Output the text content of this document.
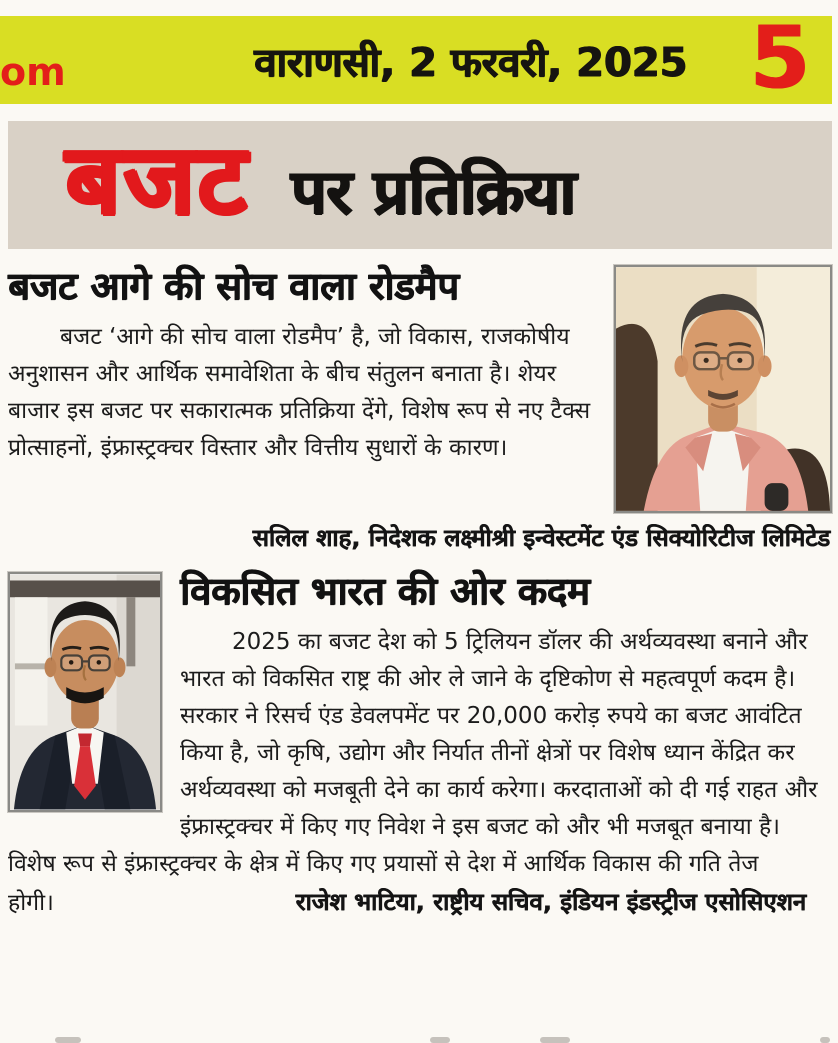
om	वाराणसी, 2 फरवरी, 2025 5
बजट पर प्रतिक्रिया
बजट आगे की सोच वाला रोडमैप

बजट ‘आगे की सोच वाला रोडमैप’ है, जो विकास, राजकोषीय अनुशासन और आर्थिक समावेशिता के बीच संतुलन बनाता है। शेयर बाजार इस बजट पर सकारात्मक प्रतिक्रिया देंगे, विशेष रूप से नए टैक्स प्रोत्साहनों, इंफ्रास्ट्रक्चर विस्तार और वित्तीय सुधारों के कारण।

सलिल शाह, निदेशक लक्ष्मीश्री इन्वेस्टमेंट एंड सिक्योरिटीज लिमिटेड
विकसित भारत की ओर कदम

2025 का बजट देश को 5 ट्रिलियन डॉलर की अर्थव्यवस्था बनाने और भारत को विकसित राष्ट्र की ओर ले जाने के दृष्टिकोण से महत्वपूर्ण कदम है। सरकार ने रिसर्च एंड डेवलपमेंट पर 20,000 करोड़ रुपये का बजट आवंटित किया है, जो कृषि, उद्योग और निर्यात तीनों क्षेत्रों पर विशेष ध्यान केंद्रित कर अर्थव्यवस्था को मजबूती देने का कार्य करेगा। करदाताओं को दी गई राहत और इंफ्रास्ट्रक्चर में किए गए निवेश ने इस बजट को और भी मजबूत बनाया है। विशेष रूप से इंफ्रास्ट्रक्चर के क्षेत्र में किए गए प्रयासों से देश में आर्थिक विकास की गति तेज

होगी।	राजेश भाटिया, राष्ट्रीय सचिव, इंडियन इंडस्ट्रीज एसोसिएशन
